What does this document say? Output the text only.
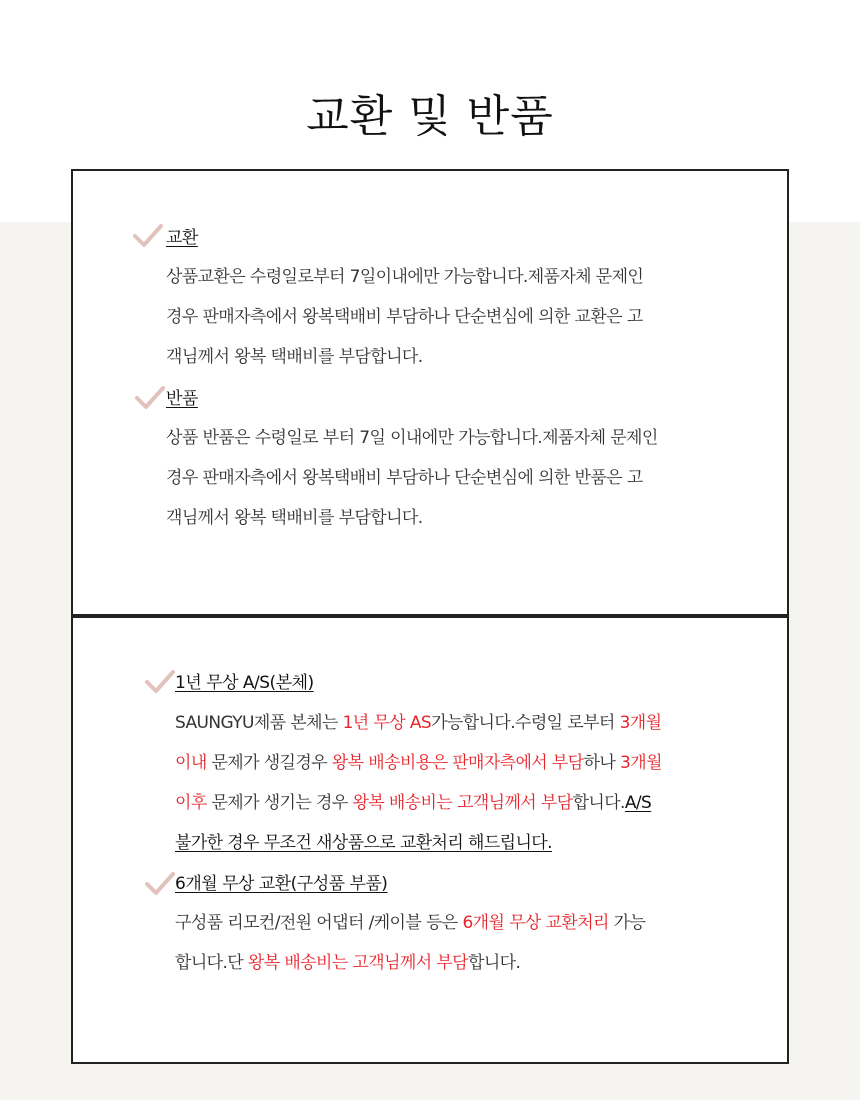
교환 및 반품
교환
상품교환은 수령일로부터 7일이내에만 가능합니다.제품자체 문제인
경우 판매자측에서 왕복택배비 부담하나 단순변심에 의한 교환은 고
객님께서 왕복 택배비를 부담합니다.
반품
상품 반품은 수령일로 부터 7일 이내에만 가능합니다.제품자체 문제인
경우 판매자측에서 왕복택배비 부담하나 단순변심에 의한 반품은 고
객님께서 왕복 택배비를 부담합니다.
1년 무상 A/S(본체)
SAUNGYU제품 본체는 1년 무상 AS가능합니다.수령일 로부터 3개월
이내 문제가 생길경우 왕복 배송비용은 판매자측에서 부담하나 3개월
이후 문제가 생기는 경우 왕복 배송비는 고객님께서 부담합니다.A/S
불가한 경우 무조건 새상품으로 교환처리 해드립니다.
6개월 무상 교환(구성품 부품)
구성품 리모컨/전원 어댑터 /케이블 등은 6개월 무상 교환처리 가능
합니다.단 왕복 배송비는 고객님께서 부담합니다.
